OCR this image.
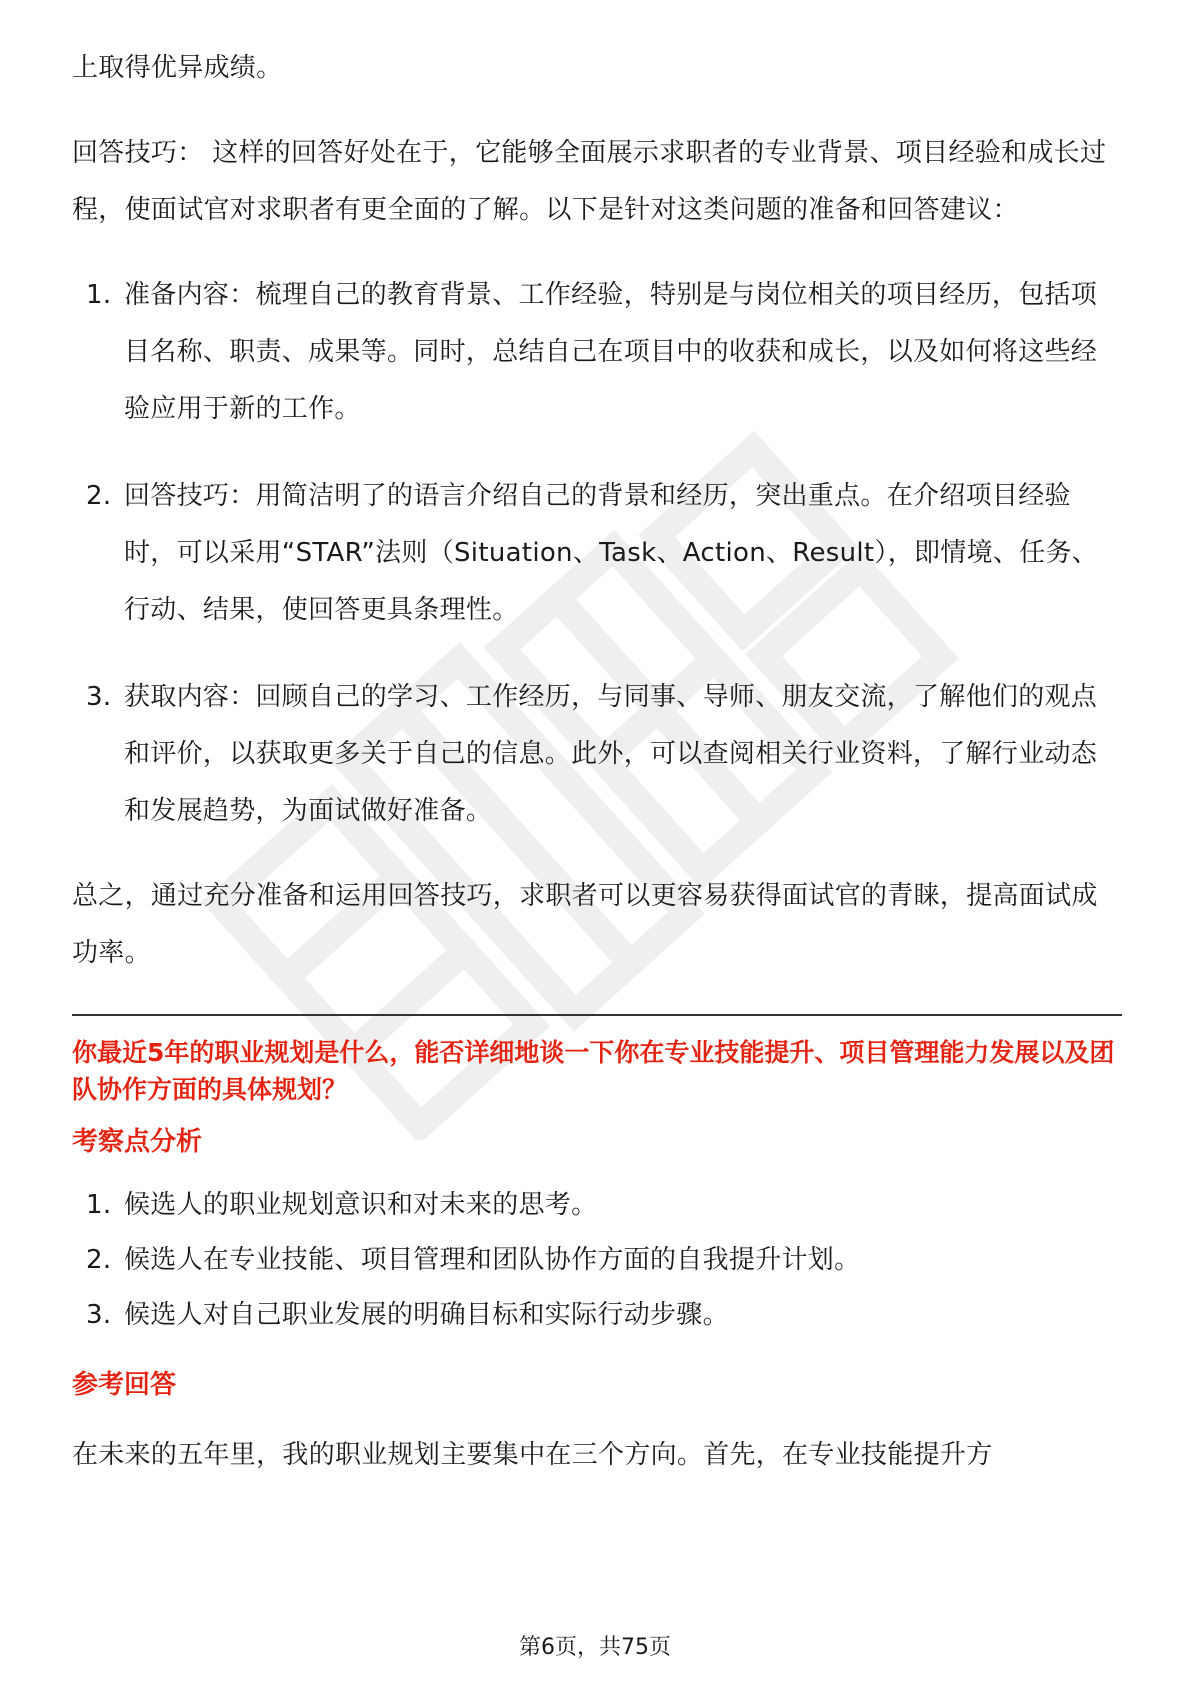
上取得优异成绩。

回答技巧： 这样的回答好处在于，它能够全面展示求职者的专业背景、项目经验和成长过程，使面试官对求职者有更全面的了解。以下是针对这类问题的准备和回答建议：

1. 准备内容：梳理自己的教育背景、工作经验，特别是与岗位相关的项目经历，包括项目名称、职责、成果等。同时，总结自己在项目中的收获和成长，以及如何将这些经验应用于新的工作。
2. 回答技巧：用简洁明了的语言介绍自己的背景和经历，突出重点。在介绍项目经验时，可以采用“STAR”法则（Situation、Task、Action、Result），即情境、任务、行动、结果，使回答更具条理性。
3. 获取内容：回顾自己的学习、工作经历，与同事、导师、朋友交流，了解他们的观点和评价，以获取更多关于自己的信息。此外，可以查阅相关行业资料，了解行业动态和发展趋势，为面试做好准备。

总之，通过充分准备和运用回答技巧，求职者可以更容易获得面试官的青睐，提高面试成功率。

你最近5年的职业规划是什么，能否详细地谈一下你在专业技能提升、项目管理能力发展以及团队协作方面的具体规划？

考察点分析

1. 候选人的职业规划意识和对未来的思考。
2. 候选人在专业技能、项目管理和团队协作方面的自我提升计划。
3. 候选人对自己职业发展的明确目标和实际行动步骤。

参考回答

在未来的五年里，我的职业规划主要集中在三个方向。首先，在专业技能提升方

第6页，共75页
